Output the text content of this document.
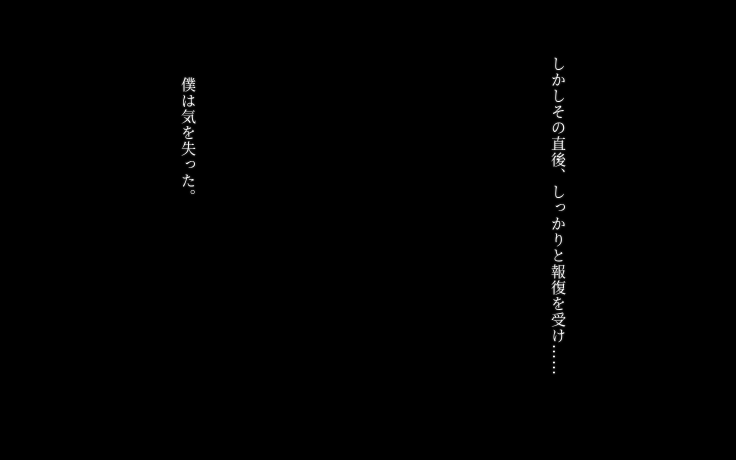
しかしその直後、しっかりと報復を受け……
僕は気を失った。
